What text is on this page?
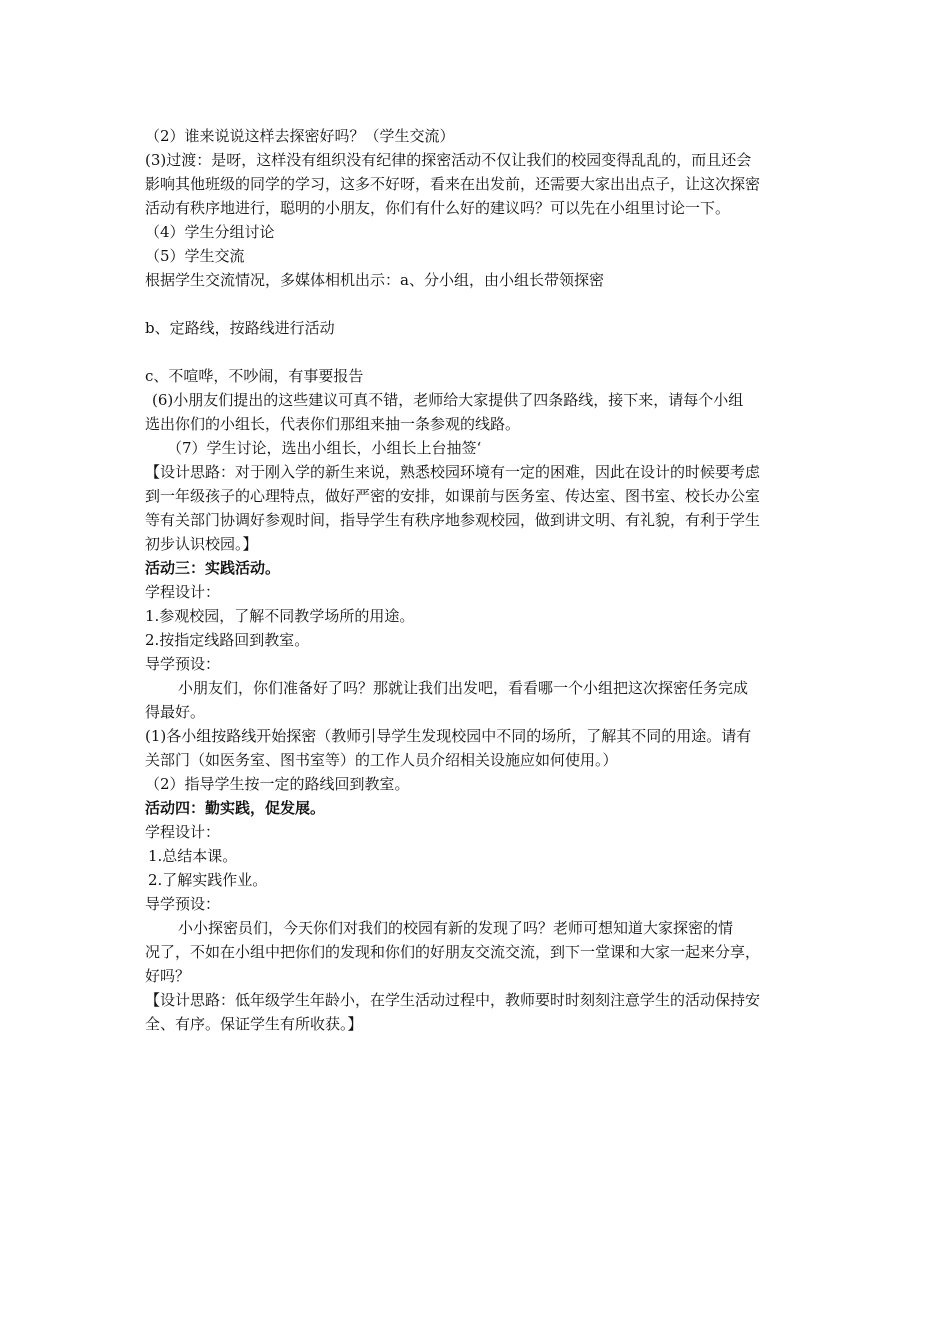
（2）谁来说说这样去探密好吗？（学生交流）
(3)过渡：是呀，这样没有组织没有纪律的探密活动不仅让我们的校园变得乱乱的，而且还会
影响其他班级的同学的学习，这多不好呀，看来在出发前，还需要大家出出点子，让这次探密
活动有秩序地进行，聪明的小朋友，你们有什么好的建议吗？可以先在小组里讨论一下。
（4）学生分组讨论
（5）学生交流
根据学生交流情况，多媒体相机出示：a、分小组，由小组长带领探密
b、定路线，按路线进行活动
c、不喧哗，不吵闹，有事要报告
(6)小朋友们提出的这些建议可真不错，老师给大家提供了四条路线，接下来，请每个小组
选出你们的小组长，代表你们那组来抽一条参观的线路。
（7）学生讨论，选出小组长，小组长上台抽签‘
【设计思路：对于刚入学的新生来说，熟悉校园环境有一定的困难，因此在设计的时候要考虑
到一年级孩子的心理特点，做好严密的安排，如课前与医务室、传达室、图书室、校长办公室
等有关部门协调好参观时间，指导学生有秩序地参观校园，做到讲文明、有礼貌，有利于学生
初步认识校园。】
活动三：实践活动。
学程设计：
1.参观校园，了解不同教学场所的用途。
2.按指定线路回到教室。
导学预设：
小朋友们，你们准备好了吗？那就让我们出发吧，看看哪一个小组把这次探密任务完成
得最好。
(1)各小组按路线开始探密（教师引导学生发现校园中不同的场所，了解其不同的用途。请有
关部门（如医务室、图书室等）的工作人员介绍相关设施应如何使用。）
（2）指导学生按一定的路线回到教室。
活动四：勤实践，促发展。
学程设计：
1.总结本课。
2.了解实践作业。
导学预设：
小小探密员们，今天你们对我们的校园有新的发现了吗？老师可想知道大家探密的情
况了，不如在小组中把你们的发现和你们的好朋友交流交流，到下一堂课和大家一起来分享，
好吗？
【设计思路：低年级学生年龄小，在学生活动过程中，教师要时时刻刻注意学生的活动保持安
全、有序。保证学生有所收获。】
